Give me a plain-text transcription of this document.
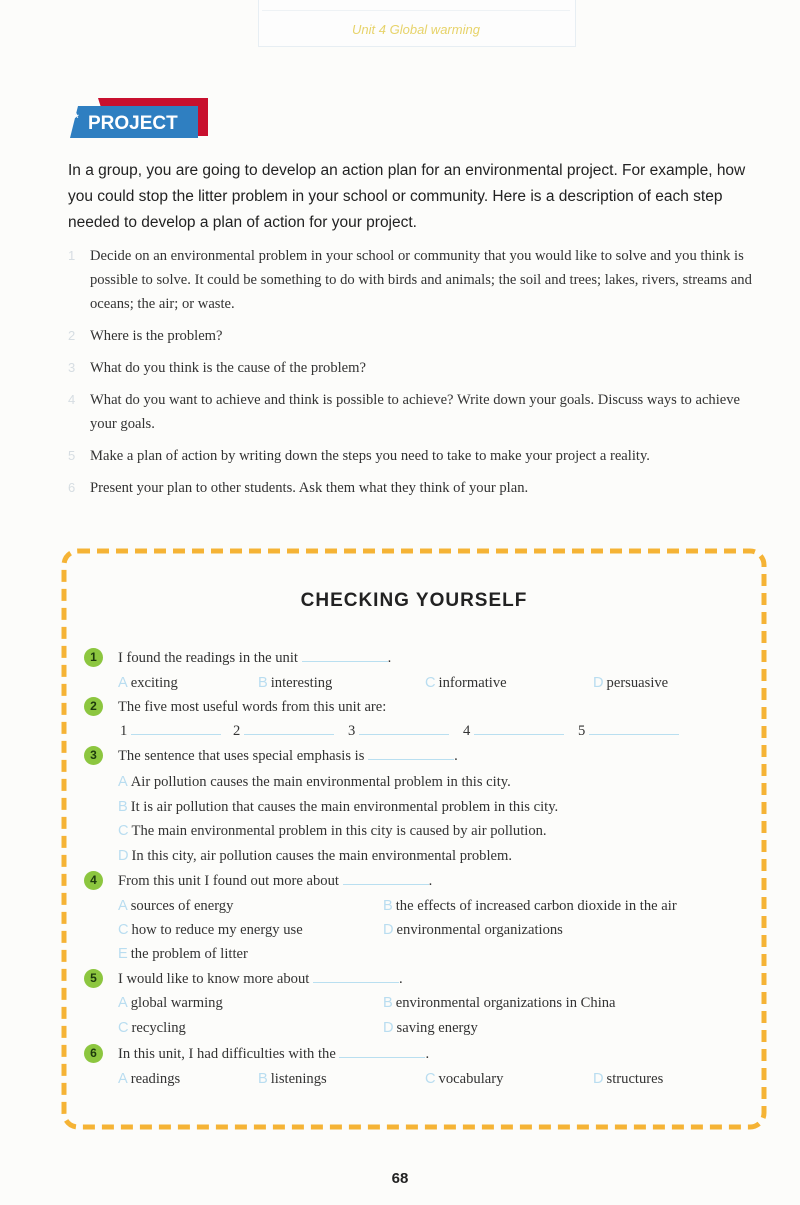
Unit 4 Global warming
PROJECT
*
In a group, you are going to develop an action plan for an environmental project. For example, how you could stop the litter problem in your school or community. Here is a description of each step needed to develop a plan of action for your project.
1 Decide on an environmental problem in your school or community that you would like to solve and you think is possible to solve. It could be something to do with birds and animals; the soil and trees; lakes, rivers, streams and oceans; the air; or waste.
2 Where is the problem?
3 What do you think is the cause of the problem?
4 What do you want to achieve and think is possible to achieve? Write down your goals. Discuss ways to achieve your goals.
5 Make a plan of action by writing down the steps you need to take to make your project a reality.
6 Present your plan to other students. Ask them what they think of your plan.
CHECKING YOURSELF
1	I found the readings in the unit	.
A exciting	B interesting	C informative	D persuasive
2	The five most useful words from this unit are:
1	2	3	4	5
3	The sentence that uses special emphasis is	.
A Air pollution causes the main environmental problem in this city.
B It is air pollution that causes the main environmental problem in this city.
C The main environmental problem in this city is caused by air pollution.
D In this city, air pollution causes the main environmental problem.
4	From this unit I found out more about	.
A sources of energy	B the effects of increased carbon dioxide in the air
C how to reduce my energy use	D environmental organizations
E the problem of litter
5	I would like to know more about	.
A global warming	B environmental organizations in China
C recycling	D saving energy
6	In this unit, I had difficulties with the	.
A readings	B listenings	C vocabulary	D structures
68
